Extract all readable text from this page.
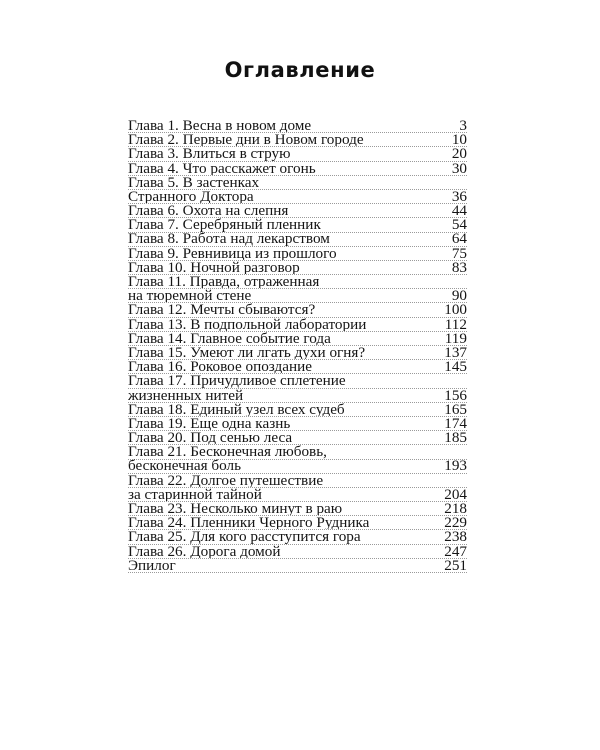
Оглавление
Глава 1. Весна в новом доме	3
Глава 2. Первые дни в Новом городе	10
Глава 3. Влиться в струю	20
Глава 4. Что расскажет огонь	30
Глава 5. В застенках
Странного Доктора	36
Глава 6. Охота на слепня	44
Глава 7. Серебряный пленник	54
Глава 8. Работа над лекарством	64
Глава 9. Ревнивица из прошлого	75
Глава 10. Ночной разговор	83
Глава 11. Правда, отраженная
на тюремной стене	90
Глава 12. Мечты сбываются?	100
Глава 13. В подпольной лаборатории	112
Глава 14. Главное событие года	119
Глава 15. Умеют ли лгать духи огня?	137
Глава 16. Роковое опоздание	145
Глава 17. Причудливое сплетение
жизненных нитей	156
Глава 18. Единый узел всех судеб	165
Глава 19. Еще одна казнь	174
Глава 20. Под сенью леса	185
Глава 21. Бесконечная любовь,
бесконечная боль	193
Глава 22. Долгое путешествие
за старинной тайной	204
Глава 23. Несколько минут в раю	218
Глава 24. Пленники Черного Рудника	229
Глава 25. Для кого расступится гора	238
Глава 26. Дорога домой	247
Эпилог	251
